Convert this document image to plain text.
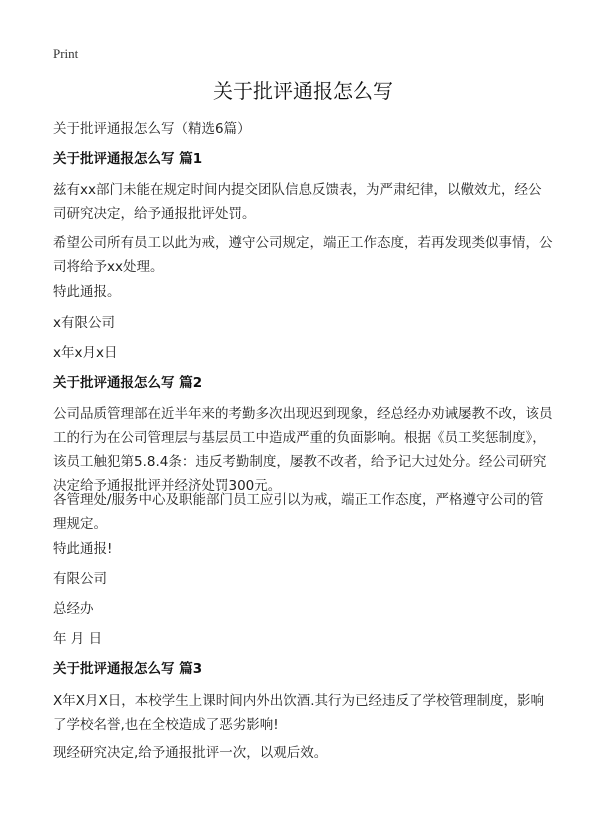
Print
关于批评通报怎么写

关于批评通报怎么写（精选6篇）

关于批评通报怎么写 篇1

兹有xx部门未能在规定时间内提交团队信息反馈表，为严肃纪律，以儆效尤，经公司研究决定，给予通报批评处罚。

希望公司所有员工以此为戒，遵守公司规定，端正工作态度，若再发现类似事情，公司将给予xx处理。

特此通报。

x有限公司

x年x月x日

关于批评通报怎么写 篇2

公司品质管理部在近半年来的考勤多次出现迟到现象，经总经办劝诫屡教不改，该员工的行为在公司管理层与基层员工中造成严重的负面影响。根据《员工奖惩制度》，该员工触犯第5.8.4条：违反考勤制度，屡教不改者，给予记大过处分。经公司研究决定给予通报批评并经济处罚300元。

各管理处/服务中心及职能部门员工应引以为戒，端正工作态度，严格遵守公司的管理规定。

特此通报!

有限公司

总经办

年 月 日

关于批评通报怎么写 篇3

X年X月X日，本校学生上课时间内外出饮酒.其行为已经违反了学校管理制度，影响了学校名誉,也在全校造成了恶劣影响!

现经研究决定,给予通报批评一次，以观后效。
